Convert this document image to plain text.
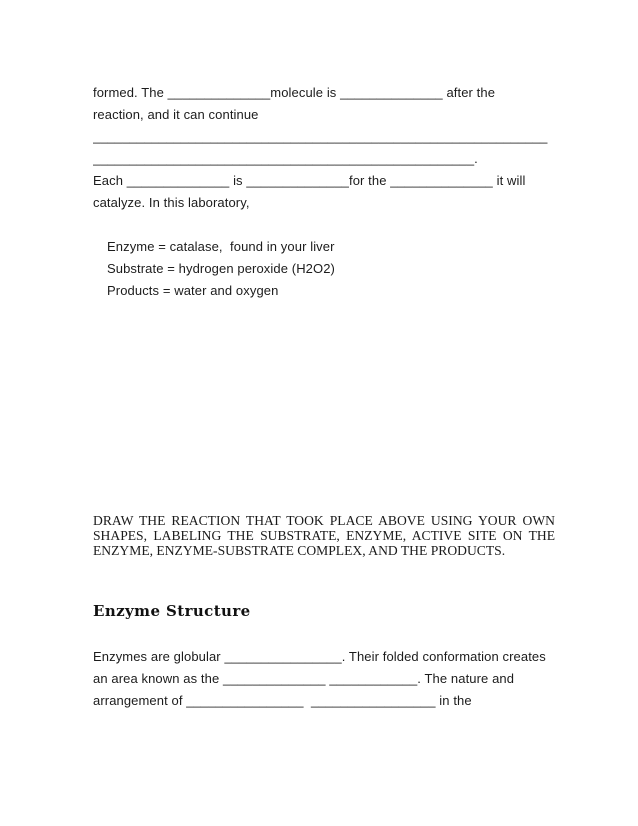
formed. The ______________molecule is ______________ after the
reaction, and it can continue
______________________________________________________________
____________________________________________________.
Each ______________ is ______________for the ______________ it will
catalyze. In this laboratory,
Enzyme = catalase,  found in your liver
Substrate = hydrogen peroxide (H2O2)
Products = water and oxygen
DRAW THE REACTION THAT TOOK PLACE ABOVE USING YOUR OWN
SHAPES, LABELING THE SUBSTRATE, ENZYME, ACTIVE SITE ON THE
ENZYME, ENZYME-SUBSTRATE COMPLEX, AND THE PRODUCTS.
Enzyme Structure
Enzymes are globular ________________. Their folded conformation creates
an area known as the ______________ ____________. The nature and
arrangement of ________________  _________________ in the
